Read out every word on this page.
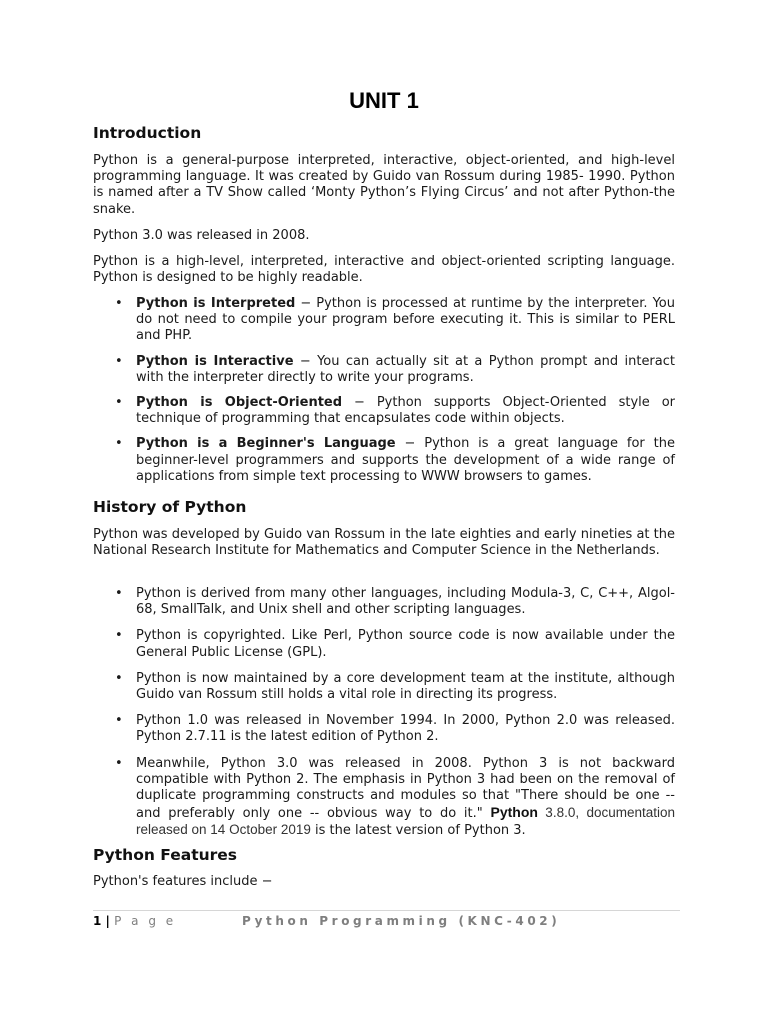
UNIT 1
Introduction

Python is a general-purpose interpreted, interactive, object-oriented, and high-level programming language. It was created by Guido van Rossum during 1985- 1990. Python is named after a TV Show called ‘Monty Python’s Flying Circus’ and not after Python-the snake.

Python 3.0 was released in 2008.

Python is a high-level, interpreted, interactive and object-oriented scripting language. Python is designed to be highly readable.

• Python is Interpreted − Python is processed at runtime by the interpreter. You do not need to compile your program before executing it. This is similar to PERL and PHP.
• Python is Interactive − You can actually sit at a Python prompt and interact with the interpreter directly to write your programs.
• Python is Object-Oriented − Python supports Object-Oriented style or technique of programming that encapsulates code within objects.
• Python is a Beginner's Language − Python is a great language for the beginner-level programmers and supports the development of a wide range of applications from simple text processing to WWW browsers to games.
History of Python

Python was developed by Guido van Rossum in the late eighties and early nineties at the National Research Institute for Mathematics and Computer Science in the Netherlands.

• Python is derived from many other languages, including Modula-3, C, C++, Algol-68, SmallTalk, and Unix shell and other scripting languages.
• Python is copyrighted. Like Perl, Python source code is now available under the General Public License (GPL).
• Python is now maintained by a core development team at the institute, although Guido van Rossum still holds a vital role in directing its progress.
• Python 1.0 was released in November 1994. In 2000, Python 2.0 was released. Python 2.7.11 is the latest edition of Python 2.
• Meanwhile, Python 3.0 was released in 2008. Python 3 is not backward compatible with Python 2. The emphasis in Python 3 had been on the removal of duplicate programming constructs and modules so that "There should be one -- and preferably only one -- obvious way to do it." Python 3.8.0, documentation released on 14 October 2019 is the latest version of Python 3.
Python Features

Python's features include −

1 | P a g e	Python Programming (KNC-402)
